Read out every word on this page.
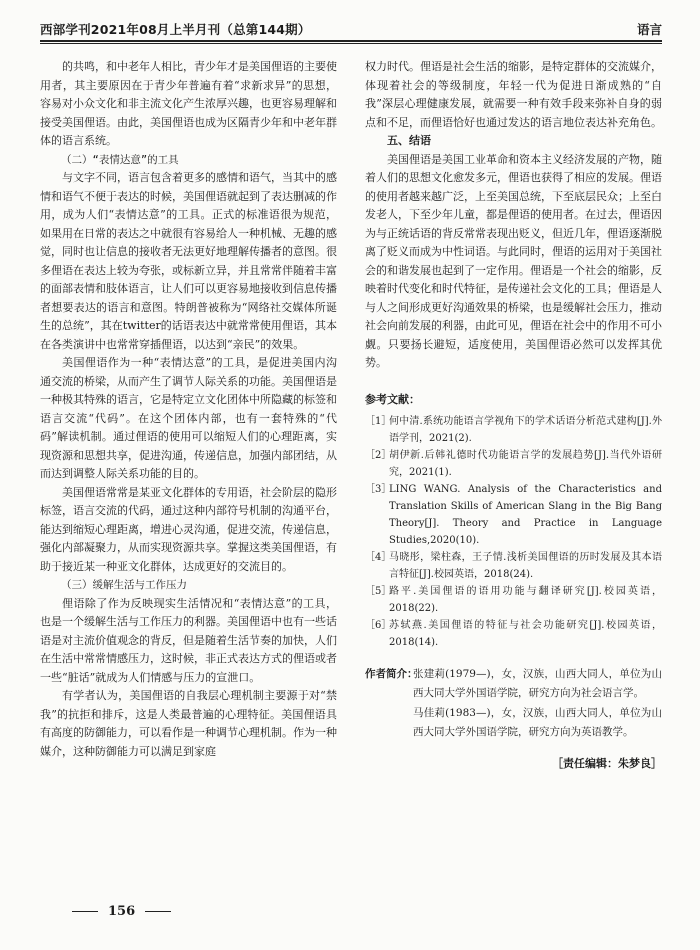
西部学刊2021年08月上半月刊（总第144期）	语言

的共鸣，和中老年人相比，青少年才是美国俚语的主要使用者，其主要原因在于青少年普遍有着“求新求异”的思想，容易对小众文化和非主流文化产生浓厚兴趣，也更容易理解和接受美国俚语。由此，美国俚语也成为区隔青少年和中老年群体的语言系统。

（二）“表情达意”的工具

与文字不同，语言包含着更多的感情和语气，当其中的感情和语气不便于表达的时候，美国俚语就起到了表达删减的作用，成为人们“表情达意”的工具。正式的标准语很为规范，如果用在日常的表达之中就很有容易给人一种机械、无趣的感觉，同时也让信息的接收者无法更好地理解传播者的意图。很多俚语在表达上较为夸张，或标新立异，并且常常伴随着丰富的面部表情和肢体语言，让人们可以更容易地接收到信息传播者想要表达的语言和意图。特朗普被称为“网络社交媒体所诞生的总统”，其在twitter的话语表达中就常常使用俚语，其本在各类演讲中也常常穿插俚语，以达到“亲民”的效果。

美国俚语作为一种“表情达意”的工具，是促进美国内沟通交流的桥梁，从而产生了调节人际关系的功能。美国俚语是一种极其特殊的语言，它是特定立文化团体中所隐藏的标签和语言交流“代码”。在这个团体内部，也有一套特殊的“代码”解读机制。通过俚语的使用可以缩短人们的心理距离，实现资源和思想共享，促进沟通，传递信息，加强内部团结，从而达到调整人际关系功能的目的。

美国俚语常常是某亚文化群体的专用语，社会阶层的隐形标签，语言交流的代码，通过这种内部符号机制的沟通平台，能达到缩短心理距离，增进心灵沟通，促进交流，传递信息，强化内部凝聚力，从而实现资源共享。掌握这类美国俚语，有助于接近某一种亚文化群体，达成更好的交流目的。

（三）缓解生活与工作压力

俚语除了作为反映现实生活情况和“表情达意”的工具，也是一个缓解生活与工作压力的利器。美国俚语中也有一些话语是对主流价值观念的背反，但是随着生活节奏的加快，人们在生活中常常情感压力，这时候，非正式表达方式的俚语或者一些“脏话”就成为人们情感与压力的宣泄口。

有学者认为，美国俚语的自我层心理机制主要源于对“禁我”的抗拒和排斥，这是人类最普遍的心理特征。美国俚语具有高度的防御能力，可以看作是一种调节心理机制。作为一种媒介，这种防御能力可以满足到家庭

权力时代。俚语是社会生活的缩影，是特定群体的交流媒介，体现着社会的等级制度，年轻一代为促进日渐成熟的“自我”深层心理健康发展，就需要一种有效手段来弥补自身的弱点和不足，而俚语恰好也通过发达的语言地位表达补充角色。

五、结语

美国俚语是美国工业革命和资本主义经济发展的产物，随着人们的思想文化愈发多元，俚语也获得了相应的发展。俚语的使用者越来越广泛，上至美国总统，下至底层民众；上至白发老人，下至少年儿童，都是俚语的使用者。在过去，俚语因为与正统话语的背反常常表现出贬义，但近几年，俚语逐渐脱离了贬义而成为中性词语。与此同时，俚语的运用对于美国社会的和谐发展也起到了一定作用。俚语是一个社会的缩影，反映着时代变化和时代特征，是传递社会文化的工具；俚语是人与人之间形成更好沟通效果的桥梁，也是缓解社会压力，推动社会向前发展的利器，由此可见，俚语在社会中的作用不可小觑。只要扬长避短，适度使用，美国俚语必然可以发挥其优势。

参考文献：
［1］
何中清.系统功能语言学视角下的学术话语分析范式建构[J].外语学刊，2021(2).
［2］
胡伊新.后韩礼德时代功能语言学的发展趋势[J].当代外语研究，2021(1).
［3］
LING WANG. Analysis of the Characteristics and Translation Skills of American Slang in the Big Bang Theory[J]. Theory and Practice in Language Studies,2020(10).
［4］
马晓彤，梁柱森，王子情.浅析美国俚语的历时发展及其本语言特征[J].校园英语，2018(24).
［5］
路平.美国俚语的语用功能与翻译研究[J].校园英语，2018(22).
［6］
苏轼燕.美国俚语的特征与社会功能研究[J].校园英语，2018(14).
作者简介：
张建莉(1979—)，女，汉族，山西大同人，单位为山西大同大学外国语学院，研究方向为社会语言学。
马佳莉(1983—)，女，汉族，山西大同人，单位为山西大同大学外国语学院，研究方向为英语教学。
［责任编辑：朱梦良］
156
